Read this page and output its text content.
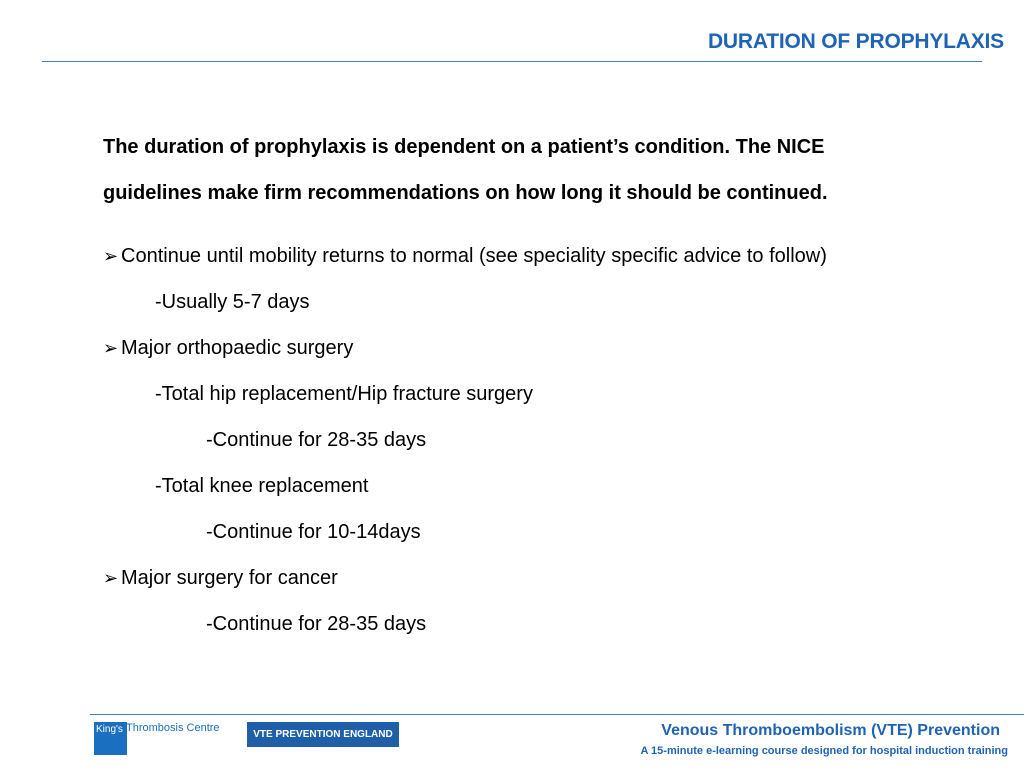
DURATION OF PROPHYLAXIS
The duration of prophylaxis is dependent on a patient’s condition. The NICE
guidelines make firm recommendations on how long it should be continued.
➢ Continue until mobility returns to normal (see speciality specific advice to follow)
-Usually 5-7 days
➢ Major orthopaedic surgery
-Total hip replacement/Hip fracture surgery
-Continue for 28-35 days
-Total knee replacement
-Continue for 10-14days
➢ Major surgery for cancer
-Continue for 28-35 days
King's Thrombosis Centre
VTE PREVENTION ENGLAND	Venous Thromboembolism (VTE) Prevention
A 15-minute e-learning course designed for hospital induction training
